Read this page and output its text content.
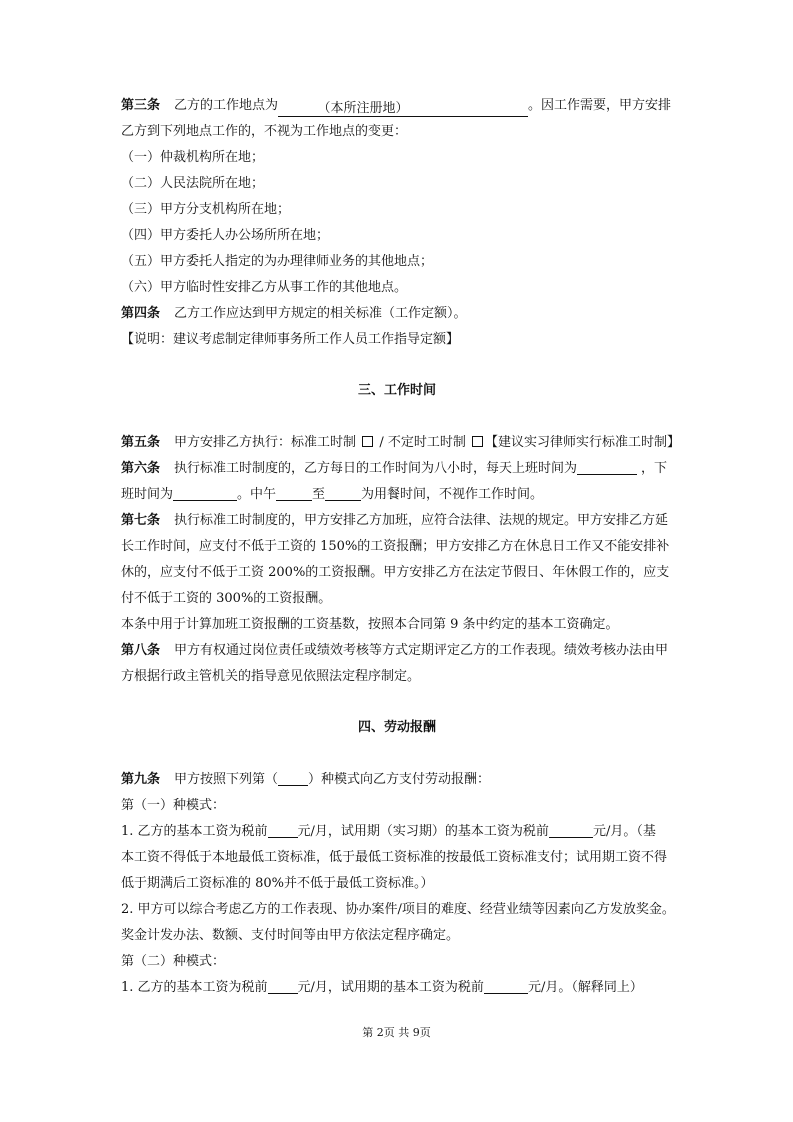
第三条 乙方的工作地点为	（本所注册地）	。因工作需要，甲方安排
乙方到下列地点工作的，不视为工作地点的变更：
（一）仲裁机构所在地；
（二）人民法院所在地；
（三）甲方分支机构所在地；
（四）甲方委托人办公场所所在地；
（五）甲方委托人指定的为办理律师业务的其他地点；
（六）甲方临时性安排乙方从事工作的其他地点。
第四条 乙方工作应达到甲方规定的相关标准（工作定额）。
【说明：建议考虑制定律师事务所工作人员工作指导定额】
三、工作时间
第五条 甲方安排乙方执行：标准工时制 / 不定时工时制 【建议实习律师实行标准工时制】
第六条 执行标准工时制度的，乙方每日的工作时间为八小时，每天上班时间为	，下
班时间为	。中午	至	为用餐时间，不视作工作时间。
第七条 执行标准工时制度的，甲方安排乙方加班，应符合法律、法规的规定。甲方安排乙方延
长工作时间，应支付不低于工资的 150%的工资报酬；甲方安排乙方在休息日工作又不能安排补
休的，应支付不低于工资 200%的工资报酬。甲方安排乙方在法定节假日、年休假工作的，应支
付不低于工资的 300%的工资报酬。
本条中用于计算加班工资报酬的工资基数，按照本合同第 9 条中约定的基本工资确定。
第八条 甲方有权通过岗位责任或绩效考核等方式定期评定乙方的工作表现。绩效考核办法由甲
方根据行政主管机关的指导意见依照法定程序制定。
四、劳动报酬
第九条 甲方按照下列第（ ）种模式向乙方支付劳动报酬：
第（一）种模式：
1. 乙方的基本工资为税前 元/月，试用期（实习期）的基本工资为税前	元/月。（基
本工资不得低于本地最低工资标准，低于最低工资标准的按最低工资标准支付；试用期工资不得
低于期满后工资标准的 80%并不低于最低工资标准。）
2. 甲方可以综合考虑乙方的工作表现、协办案件/项目的难度、经营业绩等因素向乙方发放奖金。
奖金计发办法、数额、支付时间等由甲方依法定程序确定。
第（二）种模式：
1. 乙方的基本工资为税前 元/月，试用期的基本工资为税前	元/月。（解释同上）
第 2页 共 9页
